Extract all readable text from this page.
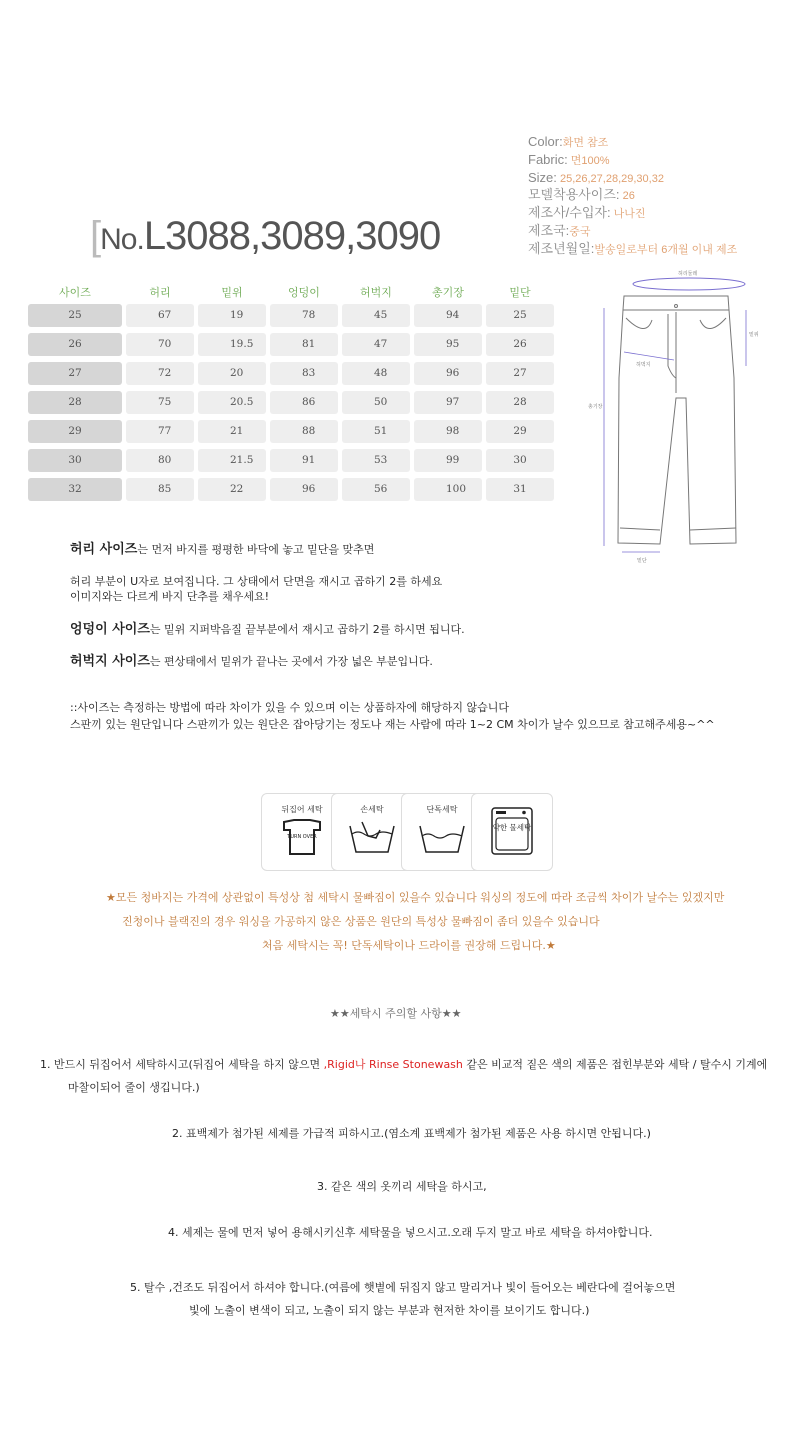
Color:화면 참조
Fabric: 면100%
Size: 25,26,27,28,29,30,32
모델착용사이즈: 26
제조사/수입자: 나나진
제조국:중국
제조년월일:발송일로부터 6개월 이내 제조
[No.L3088,3089,3090
사이즈	허리	밑위	엉덩이	허벅지	총기장	밑단
25	67	19	78	45	94	25
26	70	19.5	81	47	95	26
27	72	20	83	48	96	27
28	75	20.5	86	50	97	28
29	77	21	88	51	98	29
30	80	21.5	91	53	99	30
32	85	22	96	56	100	31
허리둘레
밑위
허벅지
총기장
밑단
허리 사이즈는 먼저 바지를 평평한 바닥에 놓고 밑단을 맞추면
허리 부분이 U자로 보여집니다. 그 상태에서 단면을 재시고 곱하기 2를 하세요
이미지와는 다르게 바지 단추를 채우세요!
엉덩이 사이즈는 밑위 지퍼박음질 끝부분에서 재시고 곱하기 2를 하시면 됩니다.
허벅지 사이즈는 편상태에서 밑위가 끝나는 곳에서 가장 넓은 부분입니다.
::사이즈는 측정하는 방법에 따라 차이가 있을 수 있으며 이는 상품하자에 해당하지 않습니다
스판끼 있는 원단입니다 스판끼가 있는 원단은 잡아당기는 정도나 재는 사람에 따라 1~2 CM 차이가 날수 있으므로 참고해주세용~^^
뒤집어 세탁
TURN OVER
손세탁	단독세탁
약한 물세탁
★모든 청바지는 가격에 상관없이 특성상 첨 세탁시 물빠짐이 있을수 있습니다 워싱의 정도에 따라 조금씩 차이가 날수는 있겠지만
진청이나 블랙진의 경우 워싱을 가공하지 않은 상품은 원단의 특성상 물빠짐이 좀더 있을수 있습니다
처음 세탁시는 꼭! 단독세탁이나 드라이를 권장해 드립니다.★
★★세탁시 주의할 사항★★
1. 반드시 뒤집어서 세탁하시고(뒤집어 세탁을 하지 않으면 ,Rigid나 Rinse Stonewash 같은 비교적 짙은 색의 제품은 접힌부분와 세탁 / 탈수시 기계에
마찰이되어 줄이 생깁니다.)
2. 표백제가 첨가된 세제를 가급적 피하시고.(염소계 표백제가 첨가된 제품은 사용 하시면 안됩니다.)
3. 같은 색의 옷끼리 세탁을 하시고,
4. 세제는 물에 먼저 넣어 용해시키신후 세탁물을 넣으시고.오래 두지 말고 바로 세탁을 하셔야합니다.
5. 탈수 ,건조도 뒤집어서 하셔야 합니다.(여름에 햇볕에 뒤집지 않고 말리거나 빛이 들어오는 베란다에 걸어놓으면
빛에 노출이 변색이 되고, 노출이 되지 않는 부분과 현저한 차이를 보이기도 합니다.)
